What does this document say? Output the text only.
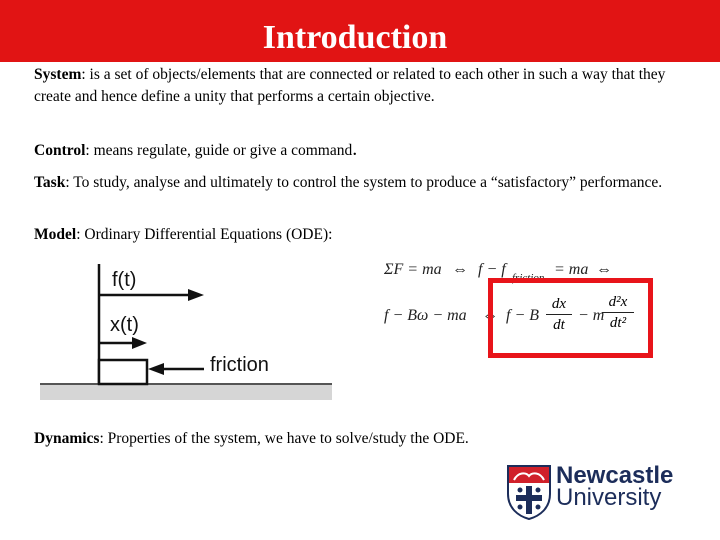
Introduction
System: is a set of objects/elements that are connected or related to each other in such a way that they create and hence define a unity that performs a certain objective.
Control: means regulate, guide or give a command.
Task: To study, analyse and ultimately to control the system to produce a “satisfactory” performance.
Model: Ordinary Differential Equations (ODE):
f(t)
x(t)
friction
ΣF = ma ⇔ f − f friction = ma ⇔
f − Bω − ma ⇔ f − B
dx
dt
− m
d²x
dt²
Dynamics: Properties of the system, we have to solve/study the ODE.
Newcastle
University
